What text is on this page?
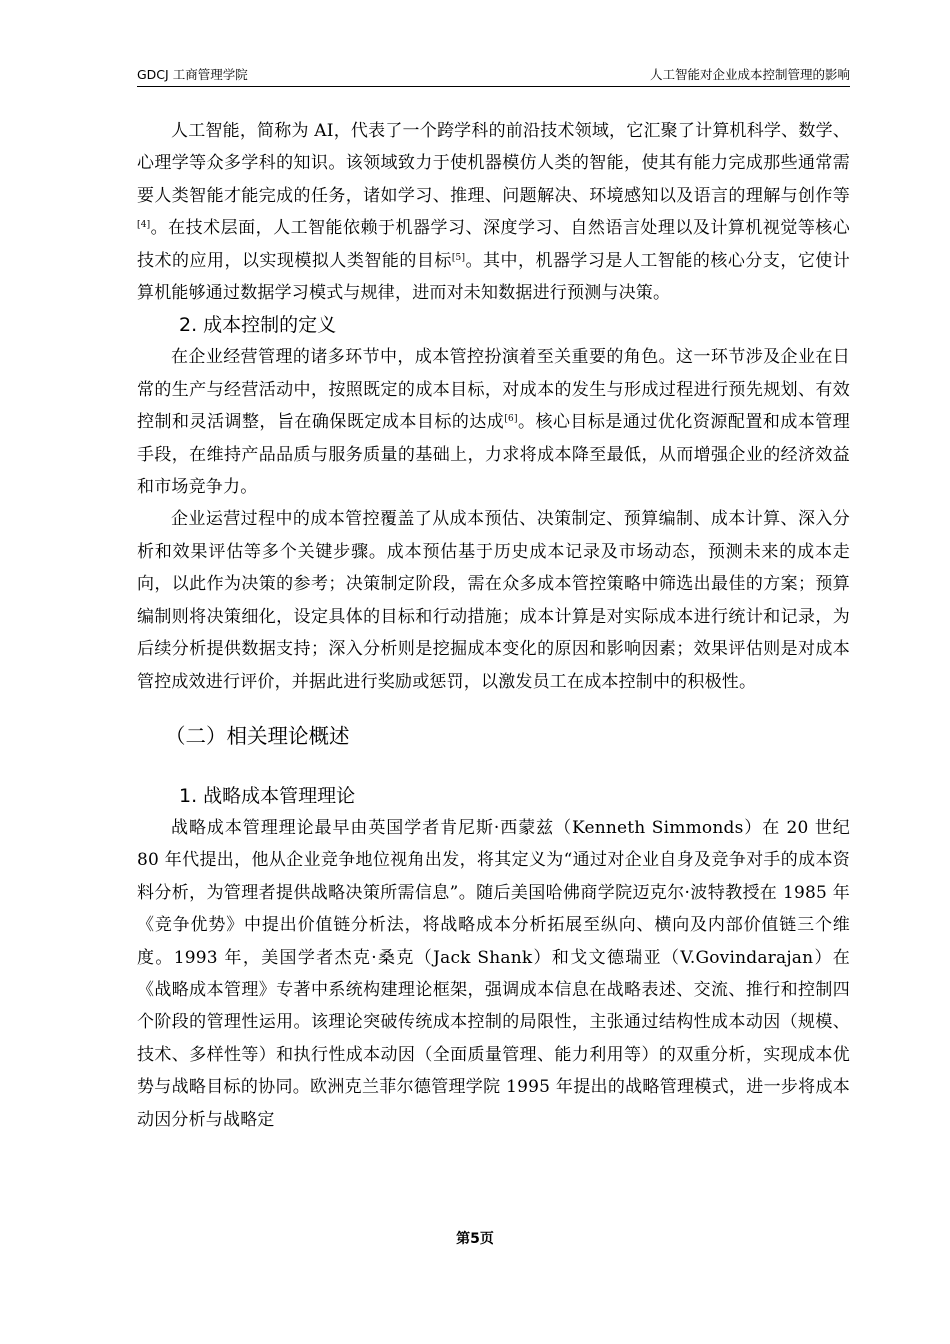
GDCJ 工商管理学院	人工智能对企业成本控制管理的影响

人工智能，简称为 AI，代表了一个跨学科的前沿技术领域，它汇聚了计算机科学、数学、心理学等众多学科的知识。该领域致力于使机器模仿人类的智能，使其有能力完成那些通常需要人类智能才能完成的任务，诸如学习、推理、问题解决、环境感知以及语言的理解与创作等[4]。在技术层面，人工智能依赖于机器学习、深度学习、自然语言处理以及计算机视觉等核心技术的应用，以实现模拟人类智能的目标[5]。其中，机器学习是人工智能的核心分支，它使计算机能够通过数据学习模式与规律，进而对未知数据进行预测与决策。

2. 成本控制的定义

在企业经营管理的诸多环节中，成本管控扮演着至关重要的角色。这一环节涉及企业在日常的生产与经营活动中，按照既定的成本目标，对成本的发生与形成过程进行预先规划、有效控制和灵活调整，旨在确保既定成本目标的达成[6]。核心目标是通过优化资源配置和成本管理手段，在维持产品品质与服务质量的基础上，力求将成本降至最低，从而增强企业的经济效益和市场竞争力。

企业运营过程中的成本管控覆盖了从成本预估、决策制定、预算编制、成本计算、深入分析和效果评估等多个关键步骤。成本预估基于历史成本记录及市场动态，预测未来的成本走向，以此作为决策的参考；决策制定阶段，需在众多成本管控策略中筛选出最佳的方案；预算编制则将决策细化，设定具体的目标和行动措施；成本计算是对实际成本进行统计和记录，为后续分析提供数据支持；深入分析则是挖掘成本变化的原因和影响因素；效果评估则是对成本管控成效进行评价，并据此进行奖励或惩罚，以激发员工在成本控制中的积极性。

（二）相关理论概述
1. 战略成本管理理论

战略成本管理理论最早由英国学者肯尼斯·西蒙兹（Kenneth Simmonds）在 20 世纪 80 年代提出，他从企业竞争地位视角出发，将其定义为“通过对企业自身及竞争对手的成本资料分析，为管理者提供战略决策所需信息”。随后美国哈佛商学院迈克尔·波特教授在 1985 年《竞争优势》中提出价值链分析法，将战略成本分析拓展至纵向、横向及内部价值链三个维度。1993 年，美国学者杰克·桑克（Jack Shank）和戈文德瑞亚（V.Govindarajan）在《战略成本管理》专著中系统构建理论框架，强调成本信息在战略表述、交流、推行和控制四个阶段的管理性运用。该理论突破传统成本控制的局限性，主张通过结构性成本动因（规模、技术、多样性等）和执行性成本动因（全面质量管理、能力利用等）的双重分析，实现成本优势与战略目标的协同。欧洲克兰菲尔德管理学院 1995 年提出的战略管理模式，进一步将成本动因分析与战略定

第5页
